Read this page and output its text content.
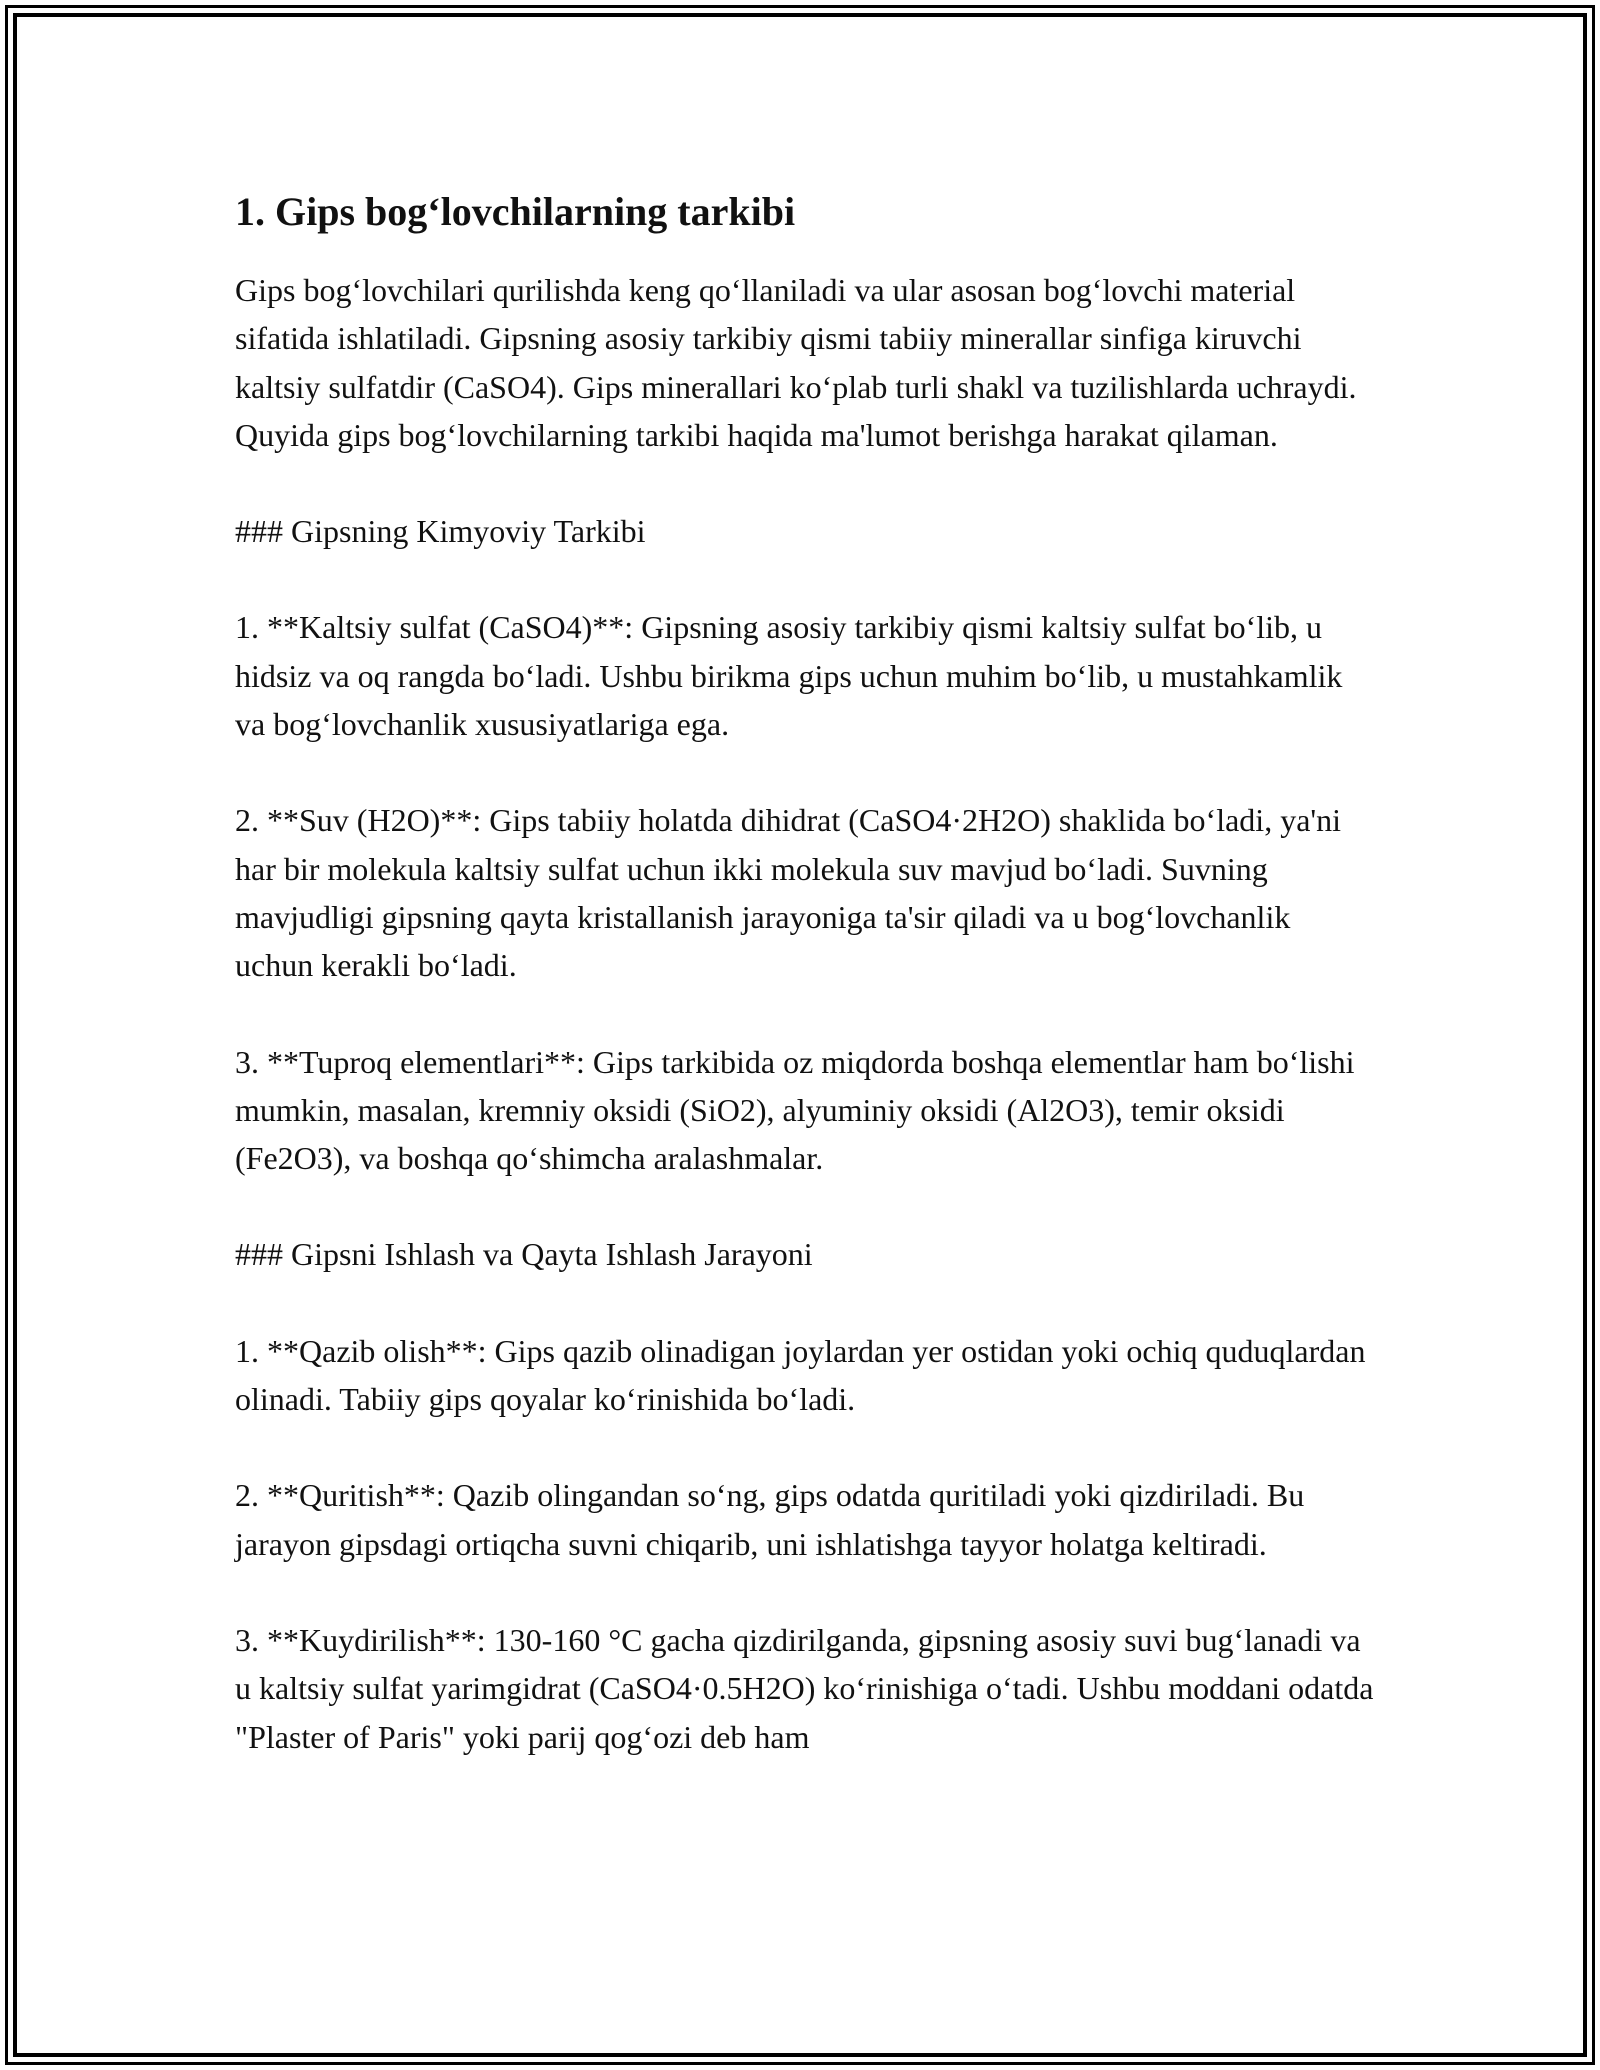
1. Gips bog‘lovchilarning tarkibi

Gips bog‘lovchilari qurilishda keng qo‘llaniladi va ular asosan bog‘lovchi material sifatida ishlatiladi. Gipsning asosiy tarkibiy qismi tabiiy minerallar sinfiga kiruvchi kaltsiy sulfatdir (CaSO4). Gips minerallari ko‘plab turli shakl va tuzilishlarda uchraydi. Quyida gips bog‘lovchilarning tarkibi haqida ma'lumot berishga harakat qilaman.

### Gipsning Kimyoviy Tarkibi

1. **Kaltsiy sulfat (CaSO4)**: Gipsning asosiy tarkibiy qismi kaltsiy sulfat bo‘lib, u hidsiz va oq rangda bo‘ladi. Ushbu birikma gips uchun muhim bo‘lib, u mustahkamlik va bog‘lovchanlik xususiyatlariga ega.

2. **Suv (H2O)**: Gips tabiiy holatda dihidrat (CaSO4·2H2O) shaklida bo‘ladi, ya'ni har bir molekula kaltsiy sulfat uchun ikki molekula suv mavjud bo‘ladi. Suvning mavjudligi gipsning qayta kristallanish jarayoniga ta'sir qiladi va u bog‘lovchanlik uchun kerakli bo‘ladi.

3. **Tuproq elementlari**: Gips tarkibida oz miqdorda boshqa elementlar ham bo‘lishi mumkin, masalan, kremniy oksidi (SiO2), alyuminiy oksidi (Al2O3), temir oksidi (Fe2O3), va boshqa qo‘shimcha aralashmalar.

### Gipsni Ishlash va Qayta Ishlash Jarayoni

1. **Qazib olish**: Gips qazib olinadigan joylardan yer ostidan yoki ochiq quduqlardan olinadi. Tabiiy gips qoyalar ko‘rinishida bo‘ladi.

2. **Quritish**: Qazib olingandan so‘ng, gips odatda quritiladi yoki qizdiriladi. Bu jarayon gipsdagi ortiqcha suvni chiqarib, uni ishlatishga tayyor holatga keltiradi.

3. **Kuydirilish**: 130-160 °C gacha qizdirilganda, gipsning asosiy suvi bug‘lanadi va u kaltsiy sulfat yarimgidrat (CaSO4·0.5H2O) ko‘rinishiga o‘tadi. Ushbu moddani odatda "Plaster of Paris" yoki parij qog‘ozi deb ham
